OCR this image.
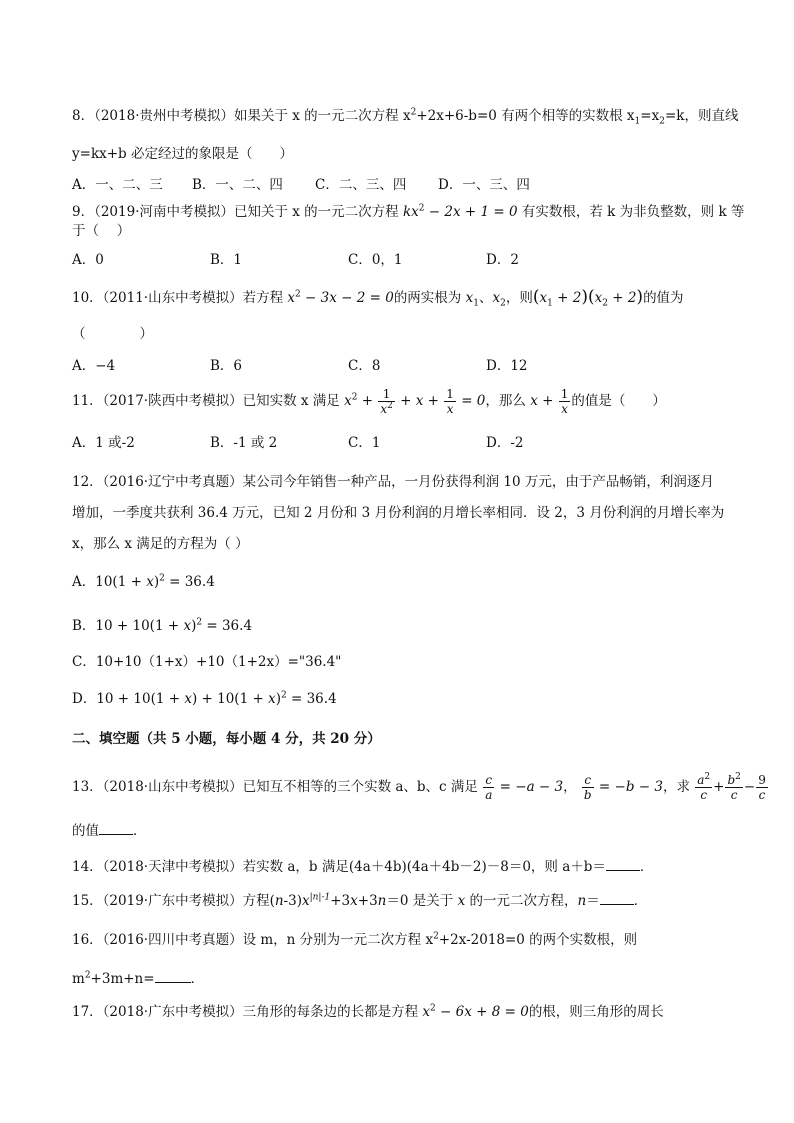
8．（2018·贵州中考模拟）如果关于 x 的一元二次方程 $x^2+2x+6-b=0$ 有两个相等的实数根 $x_1=x_2=k$，则直线
y=kx+b 必定经过的象限是（　　）
A．一、二、三 B．一、二、四 C．二、三、四 D．一、三、四
9．（2019·河南中考模拟）已知关于 x 的一元二次方程 $kx^2 - 2x + 1 = 0$ 有实数根，若 k 为非负整数，则 k 等
于（　 ）
A．0	B．1	C．0，1	D．2
10．（2011·山东中考模拟）若方程 $x^2 - 3x - 2 = 0$的两实根为 $x_1$、$x_2$，则$(x_1 + 2)(x_2 + 2)$的值为
（　　　　）
A．−4	B．6	C．8	D．12
11．（2017·陕西中考模拟）已知实数 x 满足 $x^2 + \frac{1}{x^2} + x + \frac{1}{x} = 0$，那么 $x + \frac{1}{x}$ 的值是（　　）
A．1 或-2	B．-1 或 2	C．1	D．-2
12．（2016·辽宁中考真题）某公司今年销售一种产品，一月份获得利润 10 万元，由于产品畅销，利润逐月
增加，一季度共获利 36.4 万元，已知 2 月份和 3 月份利润的月增长率相同．设 2，3 月份利润的月增长率为
x，那么 x 满足的方程为（ ）
A．$10(1 + x)^2 = 36.4$
B．$10 + 10(1 + x)^2 = 36.4$
C．10+10（1+x）+10（1+2x）="36.4"
D．$10 + 10(1 + x) + 10(1 + x)^2 = 36.4$
二、填空题（共 5 小题，每小题 4 分，共 20 分）
13．（2018·山东中考模拟）已知互不相等的三个实数 a、b、c 满足 $\frac{c}{a} = -a - 3$， $\frac{c}{b} = -b - 3$，求 $\frac{a^2}{c} + \frac{b^2}{c} - \frac{9}{c}$
的值	．
14．（2018·天津中考模拟）若实数 a，b 满足(4a＋4b)(4a＋4b－2)－8＝0，则 a＋b＝	．
15．（2019·广东中考模拟）方程$(n-3)x^{|n|-1}+3x+3n=0$ 是关于 x 的一元二次方程，n＝	．
16．（2016·四川中考真题）设 m，n 分别为一元二次方程 $x^2+2x-2018=0$ 的两个实数根，则
$m^2+3m+n=$	．
17．（2018·广东中考模拟）三角形的每条边的长都是方程 $x^2 - 6x + 8 = 0$的根，则三角形的周长
